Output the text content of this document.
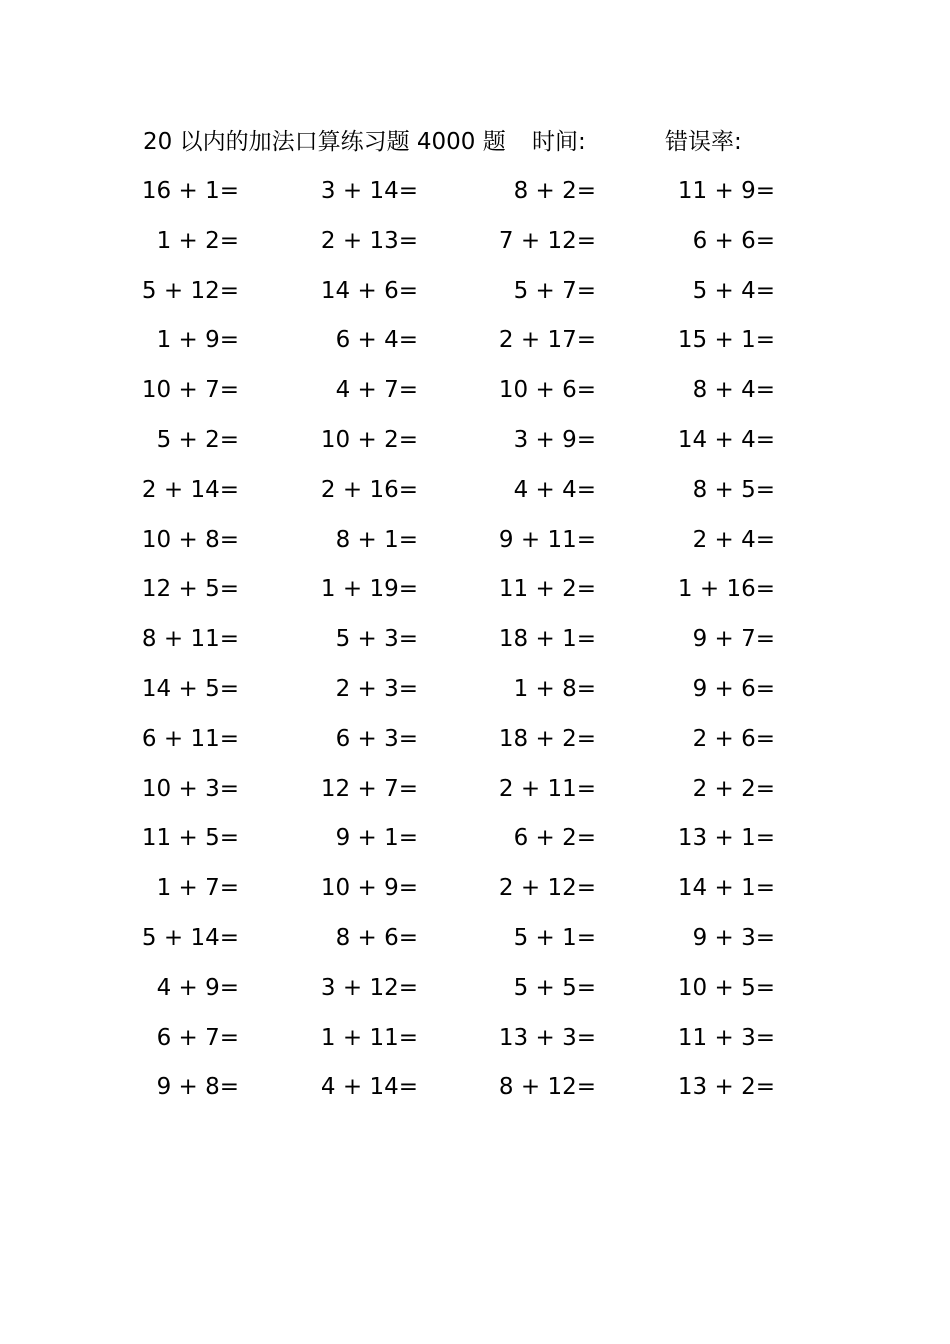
20 以内的加法口算练习题 4000 题 时间:	错误率:
16 + 1=	3 + 14=	8 + 2=	11 + 9=
1 + 2=	2 + 13=	7 + 12=	6 + 6=
5 + 12=	14 + 6=	5 + 7=	5 + 4=
1 + 9=	6 + 4=	2 + 17=	15 + 1=
10 + 7=	4 + 7=	10 + 6=	8 + 4=
5 + 2=	10 + 2=	3 + 9=	14 + 4=
2 + 14=	2 + 16=	4 + 4=	8 + 5=
10 + 8=	8 + 1=	9 + 11=	2 + 4=
12 + 5=	1 + 19=	11 + 2=	1 + 16=
8 + 11=	5 + 3=	18 + 1=	9 + 7=
14 + 5=	2 + 3=	1 + 8=	9 + 6=
6 + 11=	6 + 3=	18 + 2=	2 + 6=
10 + 3=	12 + 7=	2 + 11=	2 + 2=
11 + 5=	9 + 1=	6 + 2=	13 + 1=
1 + 7=	10 + 9=	2 + 12=	14 + 1=
5 + 14=	8 + 6=	5 + 1=	9 + 3=
4 + 9=	3 + 12=	5 + 5=	10 + 5=
6 + 7=	1 + 11=	13 + 3=	11 + 3=
9 + 8=	4 + 14=	8 + 12=	13 + 2=
